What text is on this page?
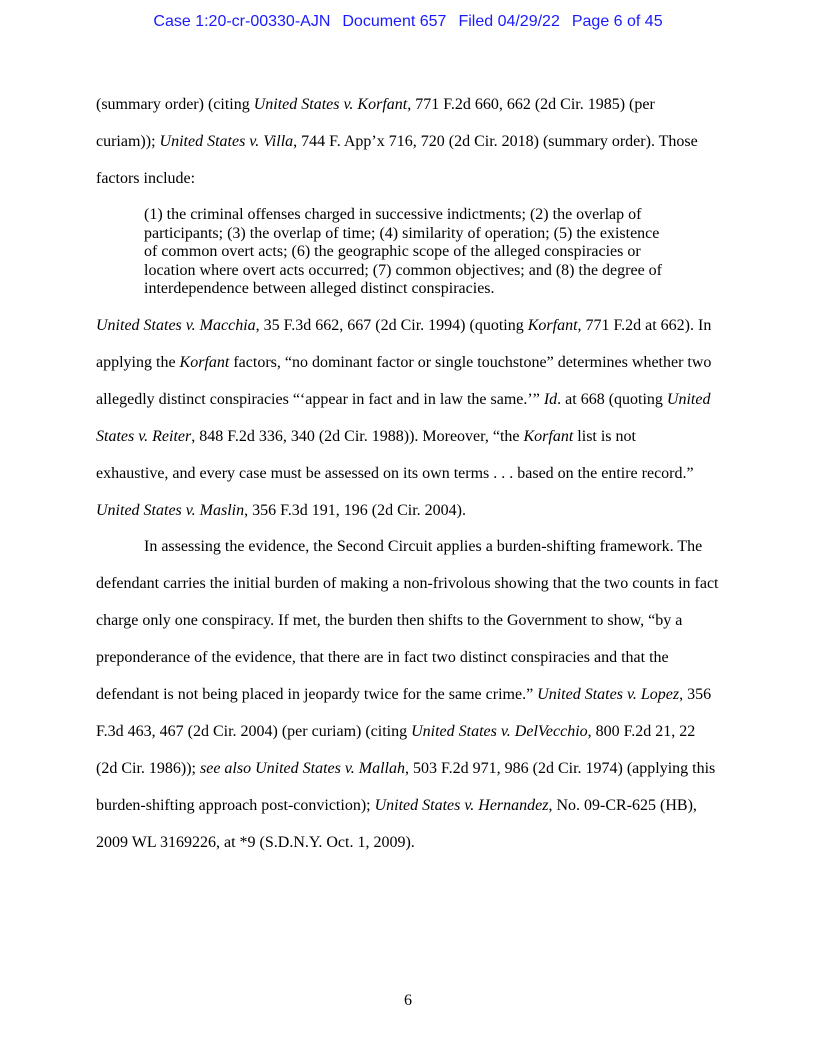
Case 1:20-cr-00330-AJN Document 657 Filed 04/29/22 Page 6 of 45
(summary order) (citing United States v. Korfant, 771 F.2d 660, 662 (2d Cir. 1985) (per
curiam)); United States v. Villa, 744 F. App’x 716, 720 (2d Cir. 2018) (summary order). Those
factors include:
(1) the criminal offenses charged in successive indictments; (2) the overlap of
participants; (3) the overlap of time; (4) similarity of operation; (5) the existence
of common overt acts; (6) the geographic scope of the alleged conspiracies or
location where overt acts occurred; (7) common objectives; and (8) the degree of
interdependence between alleged distinct conspiracies.
United States v. Macchia, 35 F.3d 662, 667 (2d Cir. 1994) (quoting Korfant, 771 F.2d at 662). In
applying the Korfant factors, “no dominant factor or single touchstone” determines whether two
allegedly distinct conspiracies “‘appear in fact and in law the same.’” Id. at 668 (quoting United
States v. Reiter, 848 F.2d 336, 340 (2d Cir. 1988)). Moreover, “the Korfant list is not
exhaustive, and every case must be assessed on its own terms . . . based on the entire record.”
United States v. Maslin, 356 F.3d 191, 196 (2d Cir. 2004).
In assessing the evidence, the Second Circuit applies a burden-shifting framework. The
defendant carries the initial burden of making a non-frivolous showing that the two counts in fact
charge only one conspiracy. If met, the burden then shifts to the Government to show, “by a
preponderance of the evidence, that there are in fact two distinct conspiracies and that the
defendant is not being placed in jeopardy twice for the same crime.” United States v. Lopez, 356
F.3d 463, 467 (2d Cir. 2004) (per curiam) (citing United States v. DelVecchio, 800 F.2d 21, 22
(2d Cir. 1986)); see also United States v. Mallah, 503 F.2d 971, 986 (2d Cir. 1974) (applying this
burden-shifting approach post-conviction); United States v. Hernandez, No. 09-CR-625 (HB),
2009 WL 3169226, at *9 (S.D.N.Y. Oct. 1, 2009).
6
